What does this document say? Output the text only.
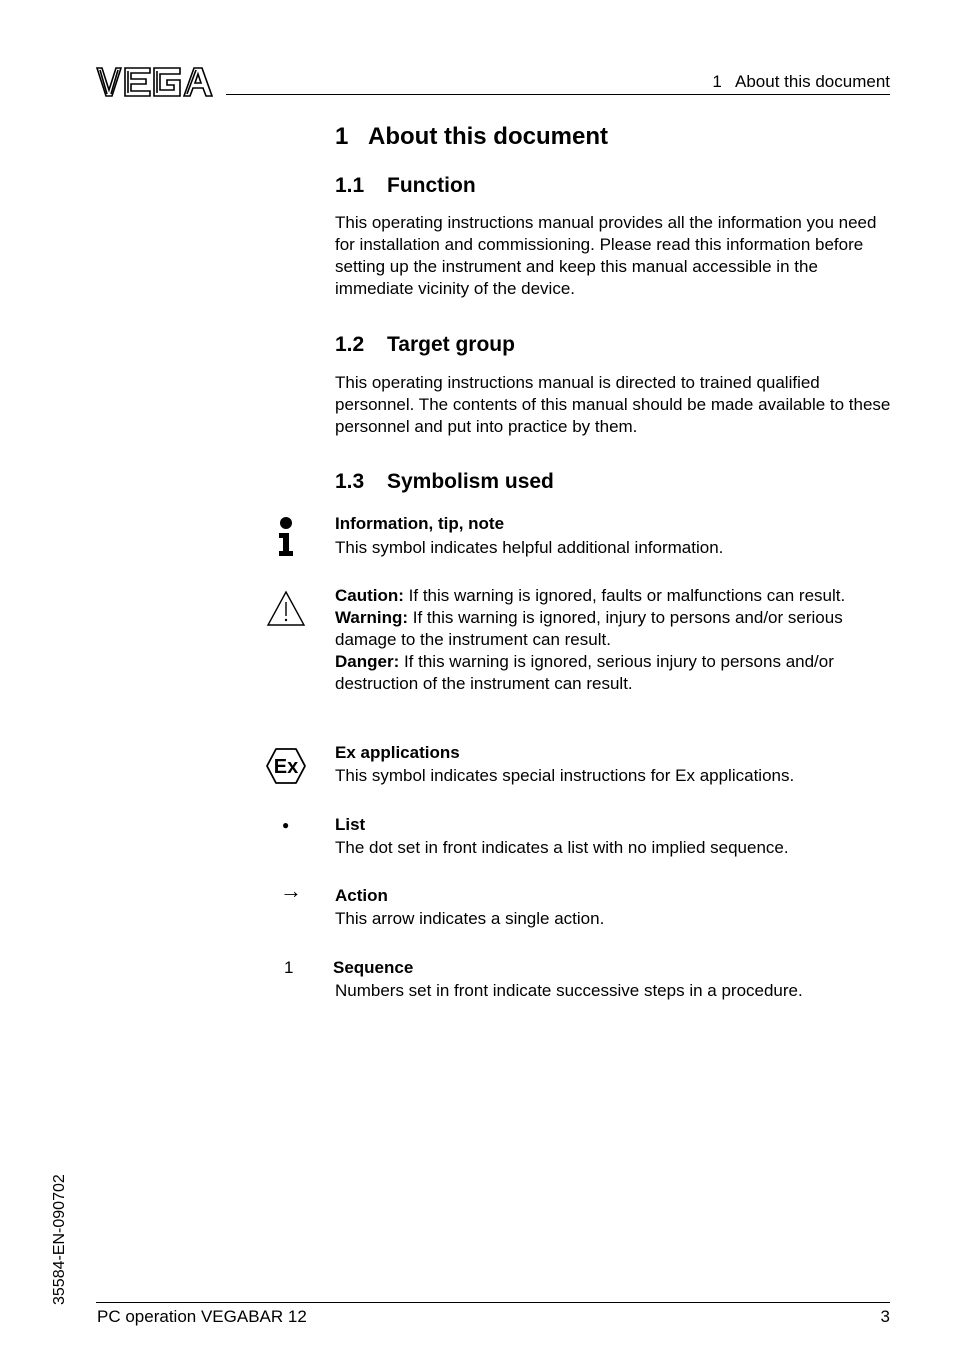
1   About this document
1 About this document
1.1 Function

This operating instructions manual provides all the information you need for installation and commissioning. Please read this information before setting up the instrument and keep this manual accessible in the immediate vicinity of the device.

1.2 Target group

This operating instructions manual is directed to trained qualified personnel. The contents of this manual should be made available to these personnel and put into practice by them.

1.3 Symbolism used
Information, tip, note
This symbol indicates helpful additional information.
Caution: If this warning is ignored, faults or malfunctions can result.
Warning: If this warning is ignored, injury to persons and/or serious damage to the instrument can result.
Danger: If this warning is ignored, serious injury to persons and/or destruction of the instrument can result.
Ex applications
This symbol indicates special instructions for Ex applications.
List
The dot set in front indicates a list with no implied sequence.
Action
This arrow indicates a single action.
Sequence
Numbers set in front indicate successive steps in a procedure.
Ex
●
→
1
35584-EN-090702
PC operation VEGABAR 12	3
